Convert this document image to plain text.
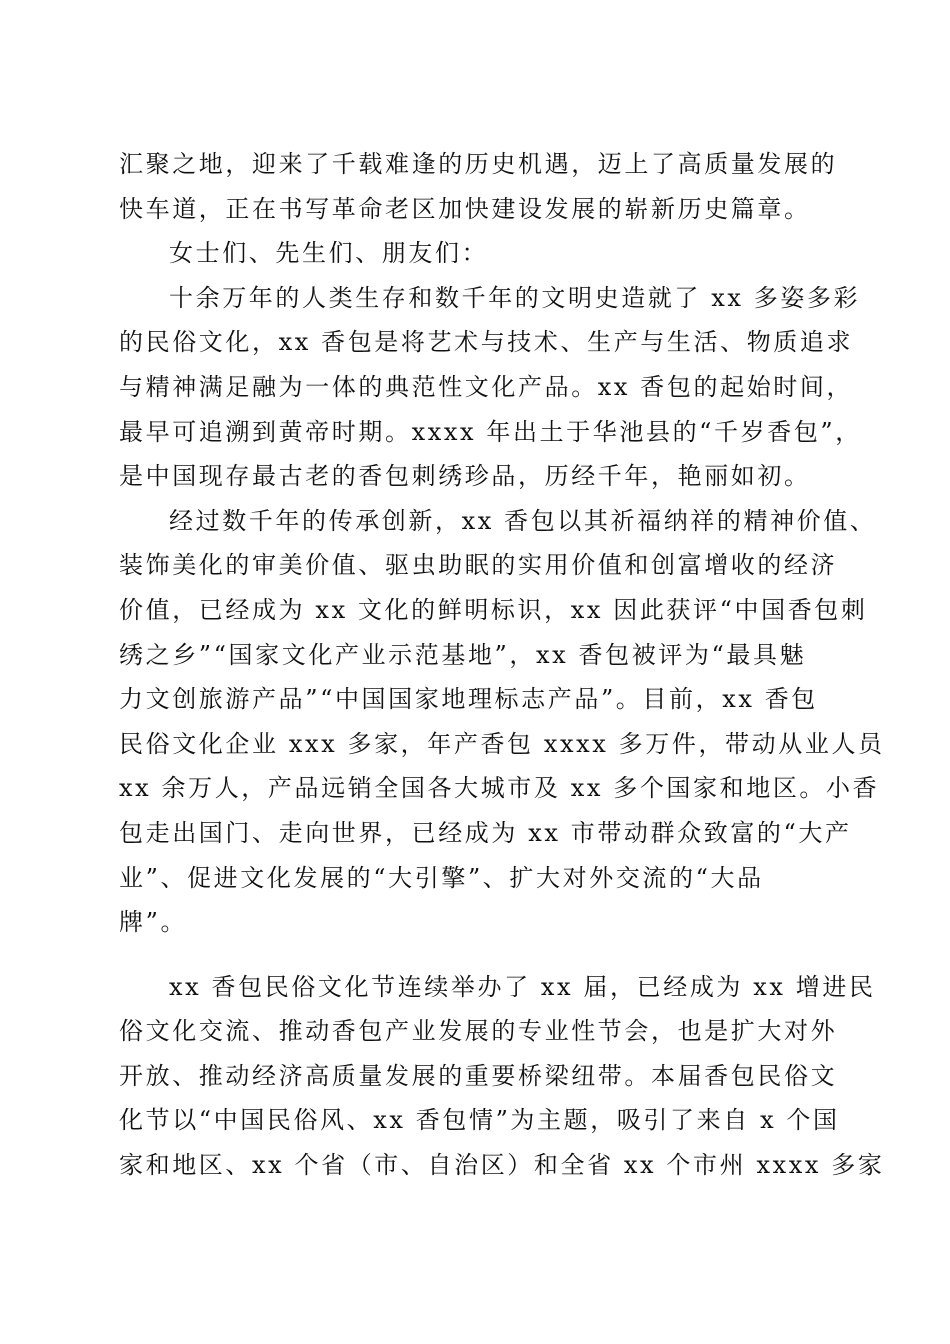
汇聚之地，迎来了千载难逢的历史机遇，迈上了高质量发展的
快车道，正在书写革命老区加快建设发展的崭新历史篇章。
女士们、先生们、朋友们：
十余万年的人类生存和数千年的文明史造就了 xx 多姿多彩
的民俗文化，xx 香包是将艺术与技术、生产与生活、物质追求
与精神满足融为一体的典范性文化产品。xx 香包的起始时间，
最早可追溯到黄帝时期。xxxx 年出土于华池县的“千岁香包”，
是中国现存最古老的香包刺绣珍品，历经千年，艳丽如初。
经过数千年的传承创新，xx 香包以其祈福纳祥的精神价值、
装饰美化的审美价值、驱虫助眠的实用价值和创富增收的经济
价值，已经成为 xx 文化的鲜明标识，xx 因此获评“中国香包刺
绣之乡”“国家文化产业示范基地”，xx 香包被评为“最具魅
力文创旅游产品”“中国国家地理标志产品”。目前，xx 香包
民俗文化企业 xxx 多家，年产香包 xxxx 多万件，带动从业人员
xx 余万人，产品远销全国各大城市及 xx 多个国家和地区。小香
包走出国门、走向世界，已经成为 xx 市带动群众致富的“大产
业”、促进文化发展的“大引擎”、扩大对外交流的“大品
牌”。
xx 香包民俗文化节连续举办了 xx 届，已经成为 xx 增进民
俗文化交流、推动香包产业发展的专业性节会，也是扩大对外
开放、推动经济高质量发展的重要桥梁纽带。本届香包民俗文
化节以“中国民俗风、xx 香包情”为主题，吸引了来自 x 个国
家和地区、xx 个省（市、自治区）和全省 xx 个市州 xxxx 多家
